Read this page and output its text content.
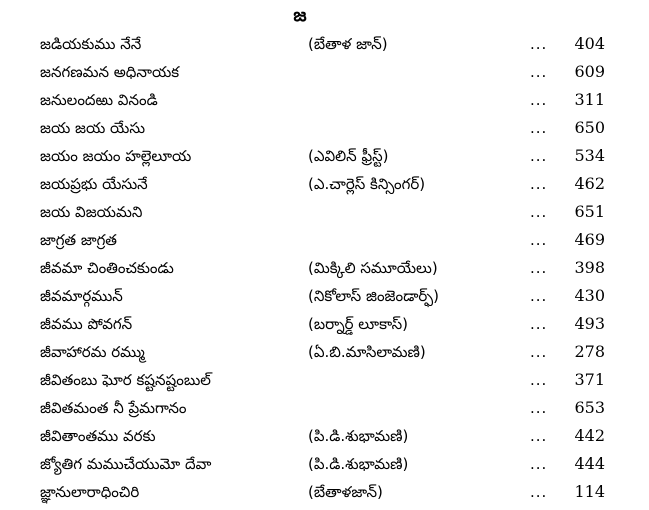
జ
జడియకుము నేనే	(బేతాళ జాన్)	... 404
జనగణమన అధినాయక	... 609
జనులందఱు వినండి	... 311
జయ జయ యేసు	... 650
జయం జయం హల్లెలూయ	(ఎవిలిన్ ఫ్రీస్ట్)	... 534
జయప్రభు యేసునే	(ఎ.చార్లెస్ కిన్సింగర్)	... 462
జయ విజయమని	... 651
జాగ్రత జాగ్రత	... 469
జీవమా చింతించకుండు	(మిక్కిలి సమూయేలు)	... 398
జీవమార్గమున్	(నికోలాస్ జింజెండార్ఫ్)	... 430
జీవము పోవగన్	(బర్నార్డ్ లూకాస్)	... 493
జీవాహారమ రమ్ము	(ఏ.బి.మాసిలామణి)	... 278
జీవితంబు ఘోర కష్టనష్టంబుల్	... 371
జీవితమంత నీ ప్రేమగానం	... 653
జీవితాంతము వరకు	(పి.డి.శుభామణి)	... 442
జ్యోతిగ మముచేయుమో దేవా	(పి.డి.శుభామణి)	... 444
జ్ఞానులారాధించిరి	(బేతాళజాన్)	... 114
